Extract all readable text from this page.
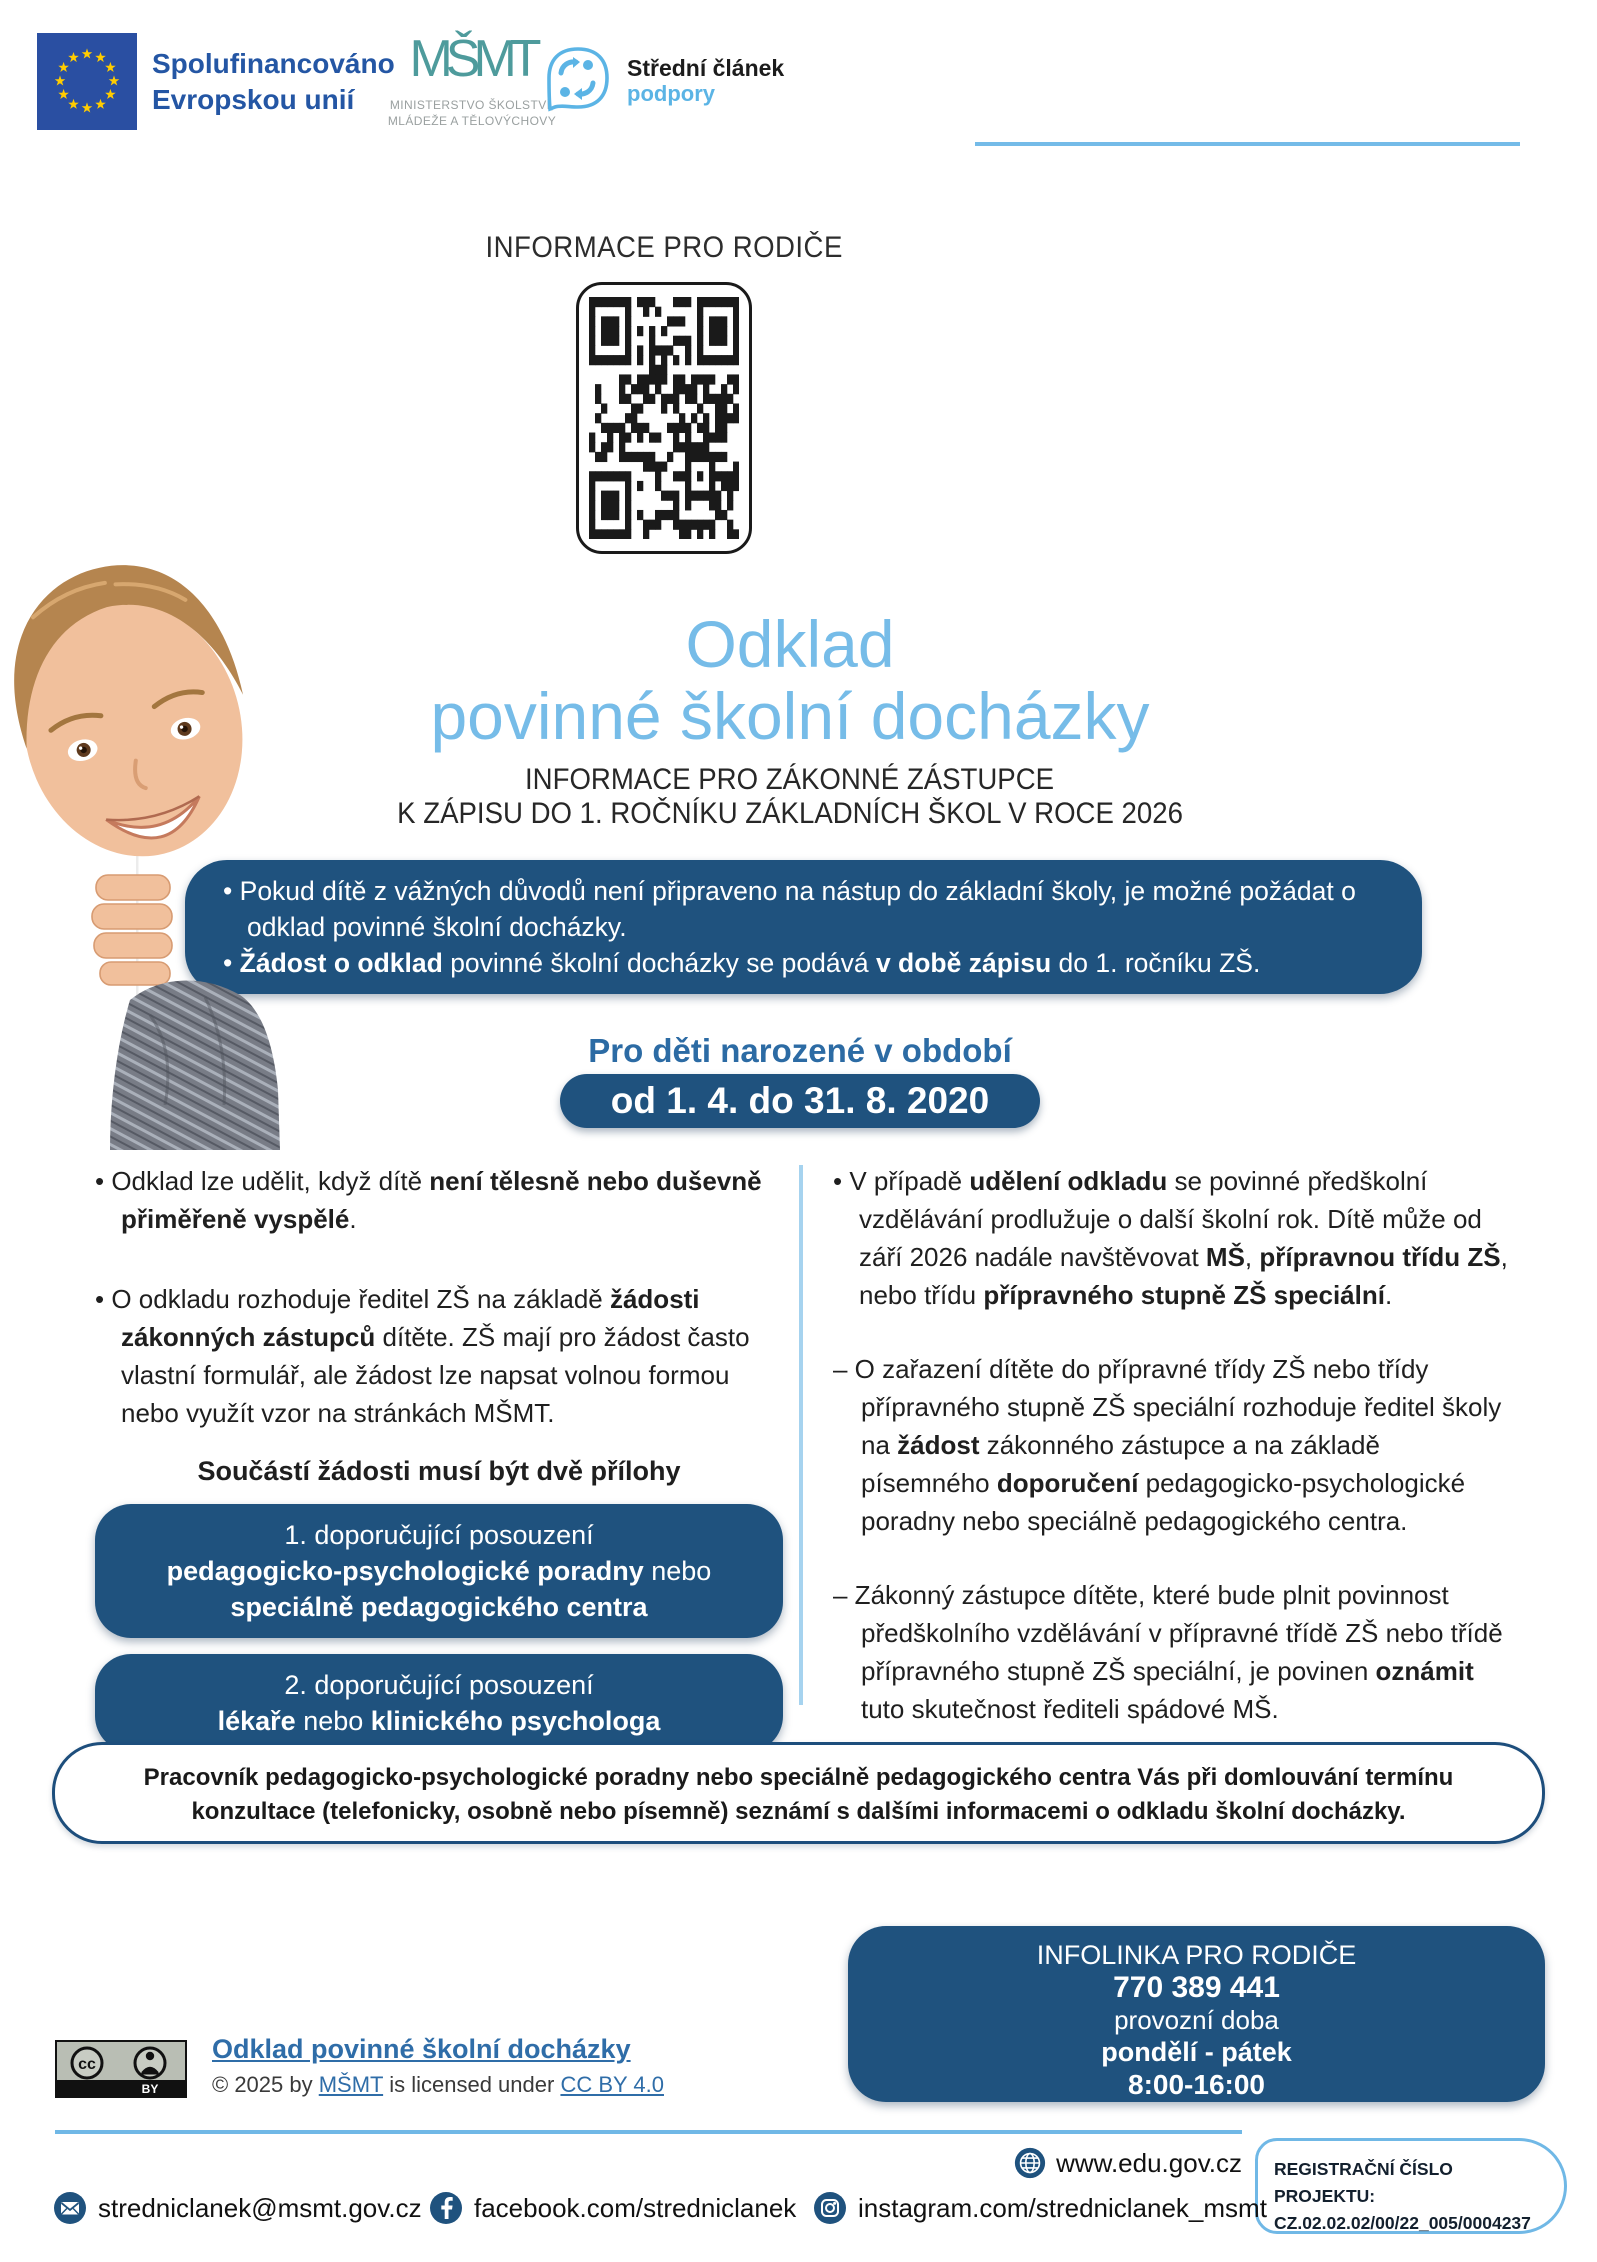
Spolufinancováno
Evropskou unií
MŠMT
MINISTERSTVO ŠKOLSTVÍ,
MLÁDEŽE A TĚLOVÝCHOVY
Střední článek
podpory
INFORMACE PRO RODIČE
Odklad
povinné školní docházky
INFORMACE PRO ZÁKONNÉ ZÁSTUPCE
K ZÁPISU DO 1. ROČNÍKU ZÁKLADNÍCH ŠKOL V ROCE 2026
• Pokud dítě z vážných důvodů není připraveno na nástup do základní školy, je možné požádat o odklad povinné školní docházky.
• Žádost o odklad povinné školní docházky se podává v době zápisu do 1. ročníku ZŠ.
Pro děti narozené v období
od 1. 4. do 31. 8. 2020
• Odklad lze udělit, když dítě není tělesně nebo duševně přiměřeně vyspělé.
• O odkladu rozhoduje ředitel ZŠ na základě žádosti zákonných zástupců dítěte. ZŠ mají pro žádost často vlastní formulář, ale žádost lze napsat volnou formou nebo využít vzor na stránkách MŠMT.
Součástí žádosti musí být dvě přílohy
1. doporučující posouzení
pedagogicko-psychologické poradny nebo
speciálně pedagogického centra
2. doporučující posouzení
lékaře nebo klinického psychologa
• V případě udělení odkladu se povinné předškolní vzdělávání prodlužuje o další školní rok. Dítě může od září 2026 nadále navštěvovat MŠ, přípravnou třídu ZŠ, nebo třídu přípravného stupně ZŠ speciální.
– O zařazení dítěte do přípravné třídy ZŠ nebo třídy přípravného stupně ZŠ speciální rozhoduje ředitel školy na žádost zákonného zástupce a na základě písemného doporučení pedagogicko-psychologické poradny nebo speciálně pedagogického centra.
– Zákonný zástupce dítěte, které bude plnit povinnost předškolního vzdělávání v přípravné třídě ZŠ nebo třídě přípravného stupně ZŠ speciální, je povinen oznámit tuto skutečnost řediteli spádové MŠ.
Pracovník pedagogicko-psychologické poradny nebo speciálně pedagogického centra Vás při domlouvání termínu konzultace (telefonicky, osobně nebo písemně) seznámí s dalšími informacemi o odkladu školní docházky.
INFOLINKA PRO RODIČE
770 389 441
provozní doba
pondělí - pátek
8:00-16:00
cc
BY
Odklad povinné školní docházky
© 2025 by MŠMT is licensed under CC BY 4.0
www.edu.gov.cz REGISTRAČNÍ ČÍSLO PROJEKTU:
CZ.02.02.02/00/22_005/0004237
stredniclanek@msmt.gov.cz facebook.com/stredniclanek instagram.com/stredniclanek_msmt
